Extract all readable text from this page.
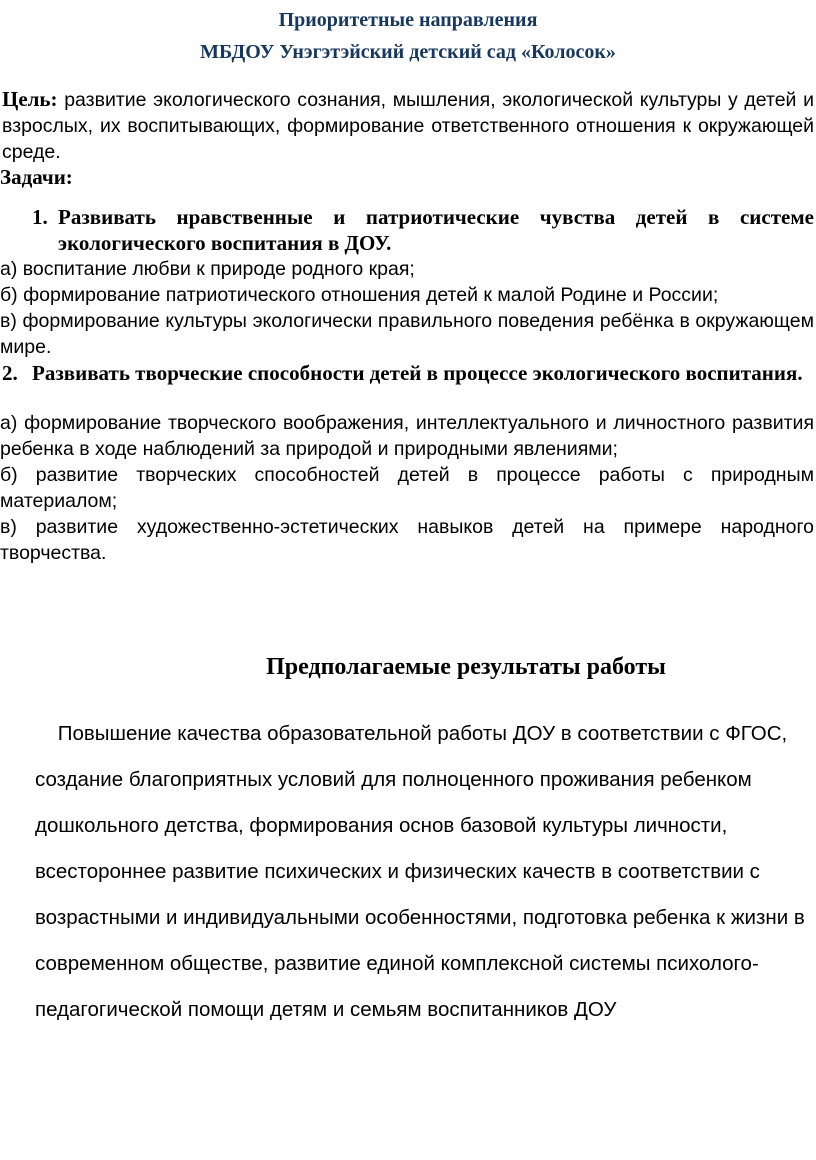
Приоритетные направления
МБДОУ Унэгэтэйский детский сад «Колосок»
Цель: развитие экологического сознания, мышления, экологической культуры у детей и взрослых, их воспитывающих, формирование ответственного отношения к окружающей среде.
Задачи:
1. Развивать нравственные и патриотические чувства детей в системе экологического воспитания в ДОУ.
а) воспитание любви к природе родного края;
б) формирование патриотического отношения детей к малой Родине и России;
в) формирование культуры экологически правильного поведения ребёнка в окружающем мире.
2. Развивать творческие способности детей в процессе экологического воспитания.
а) формирование творческого воображения, интеллектуального и личностного развития ребенка в ходе наблюдений за природой и природными явлениями;
б) развитие творческих способностей детей в процессе работы с природным материалом;
в) развитие художественно-эстетических навыков детей на примере народного творчества.
Предполагаемые результаты работы
Повышение качества образовательной работы ДОУ в соответствии с ФГОС,
создание благоприятных условий для полноценного проживания ребенком
дошкольного детства, формирования основ базовой культуры личности,
всестороннее развитие психических и физических качеств в соответствии с
возрастными и индивидуальными особенностями, подготовка ребенка к жизни в
современном обществе, развитие единой комплексной системы психолого-
педагогической помощи детям и семьям воспитанников ДОУ
